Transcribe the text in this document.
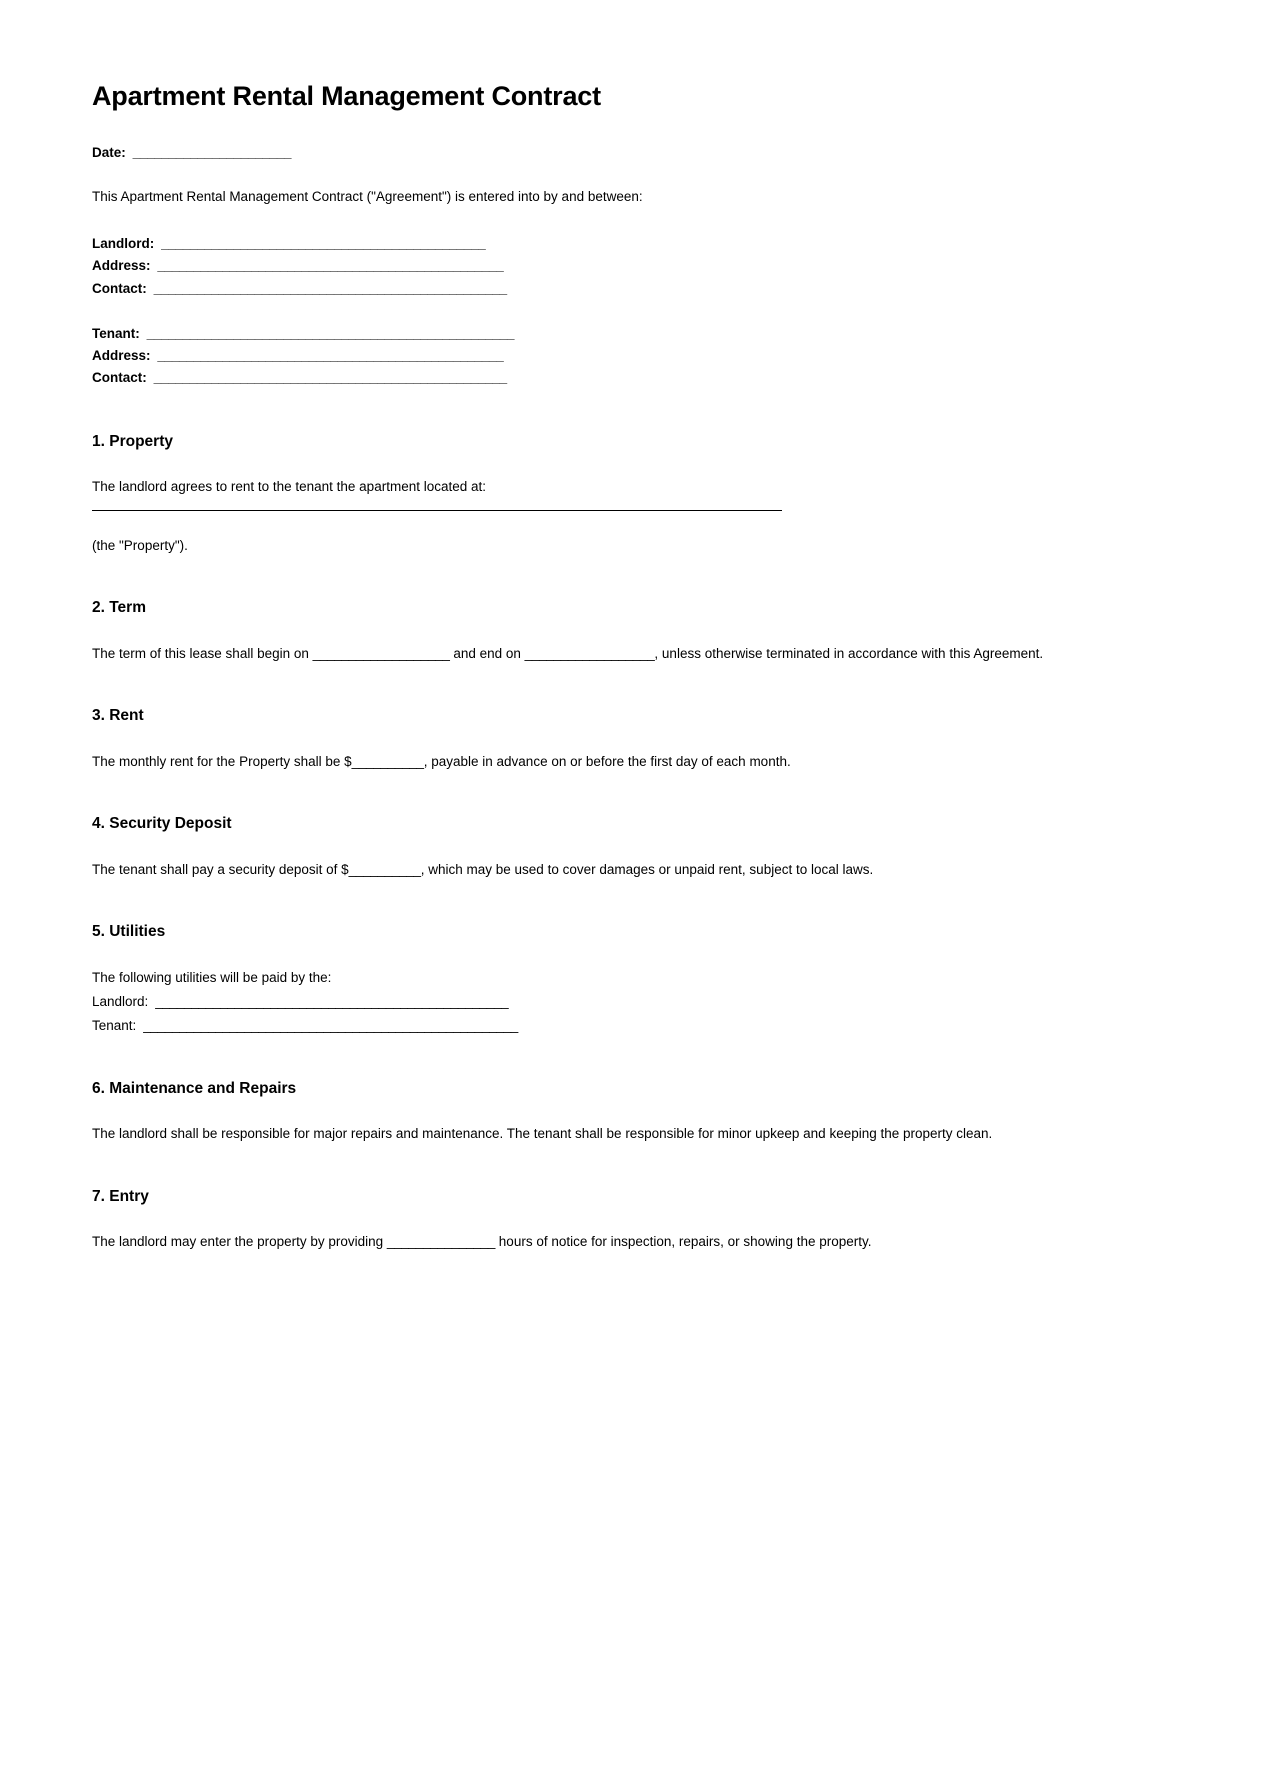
Apartment Rental Management Contract
Date:  ______________________

This Apartment Rental Management Contract ("Agreement") is entered into by and between:

Landlord:  _____________________________________________
Address:  ________________________________________________
Contact:  _________________________________________________
Tenant:  ___________________________________________________
Address:  ________________________________________________
Contact:  _________________________________________________
1. Property

The landlord agrees to rent to the tenant the apartment located at:

(the "Property").

2. Term

The term of this lease shall begin on ___________________ and end on __________________, unless otherwise terminated in accordance with this Agreement.

3. Rent

The monthly rent for the Property shall be $__________, payable in advance on or before the first day of each month.

4. Security Deposit

The tenant shall pay a security deposit of $__________, which may be used to cover damages or unpaid rent, subject to local laws.

5. Utilities

The following utilities will be paid by the:

Landlord:  _________________________________________________
Tenant:  ____________________________________________________
6. Maintenance and Repairs

The landlord shall be responsible for major repairs and maintenance. The tenant shall be responsible for minor upkeep and keeping the property clean.

7. Entry

The landlord may enter the property by providing _______________ hours of notice for inspection, repairs, or showing the property.
